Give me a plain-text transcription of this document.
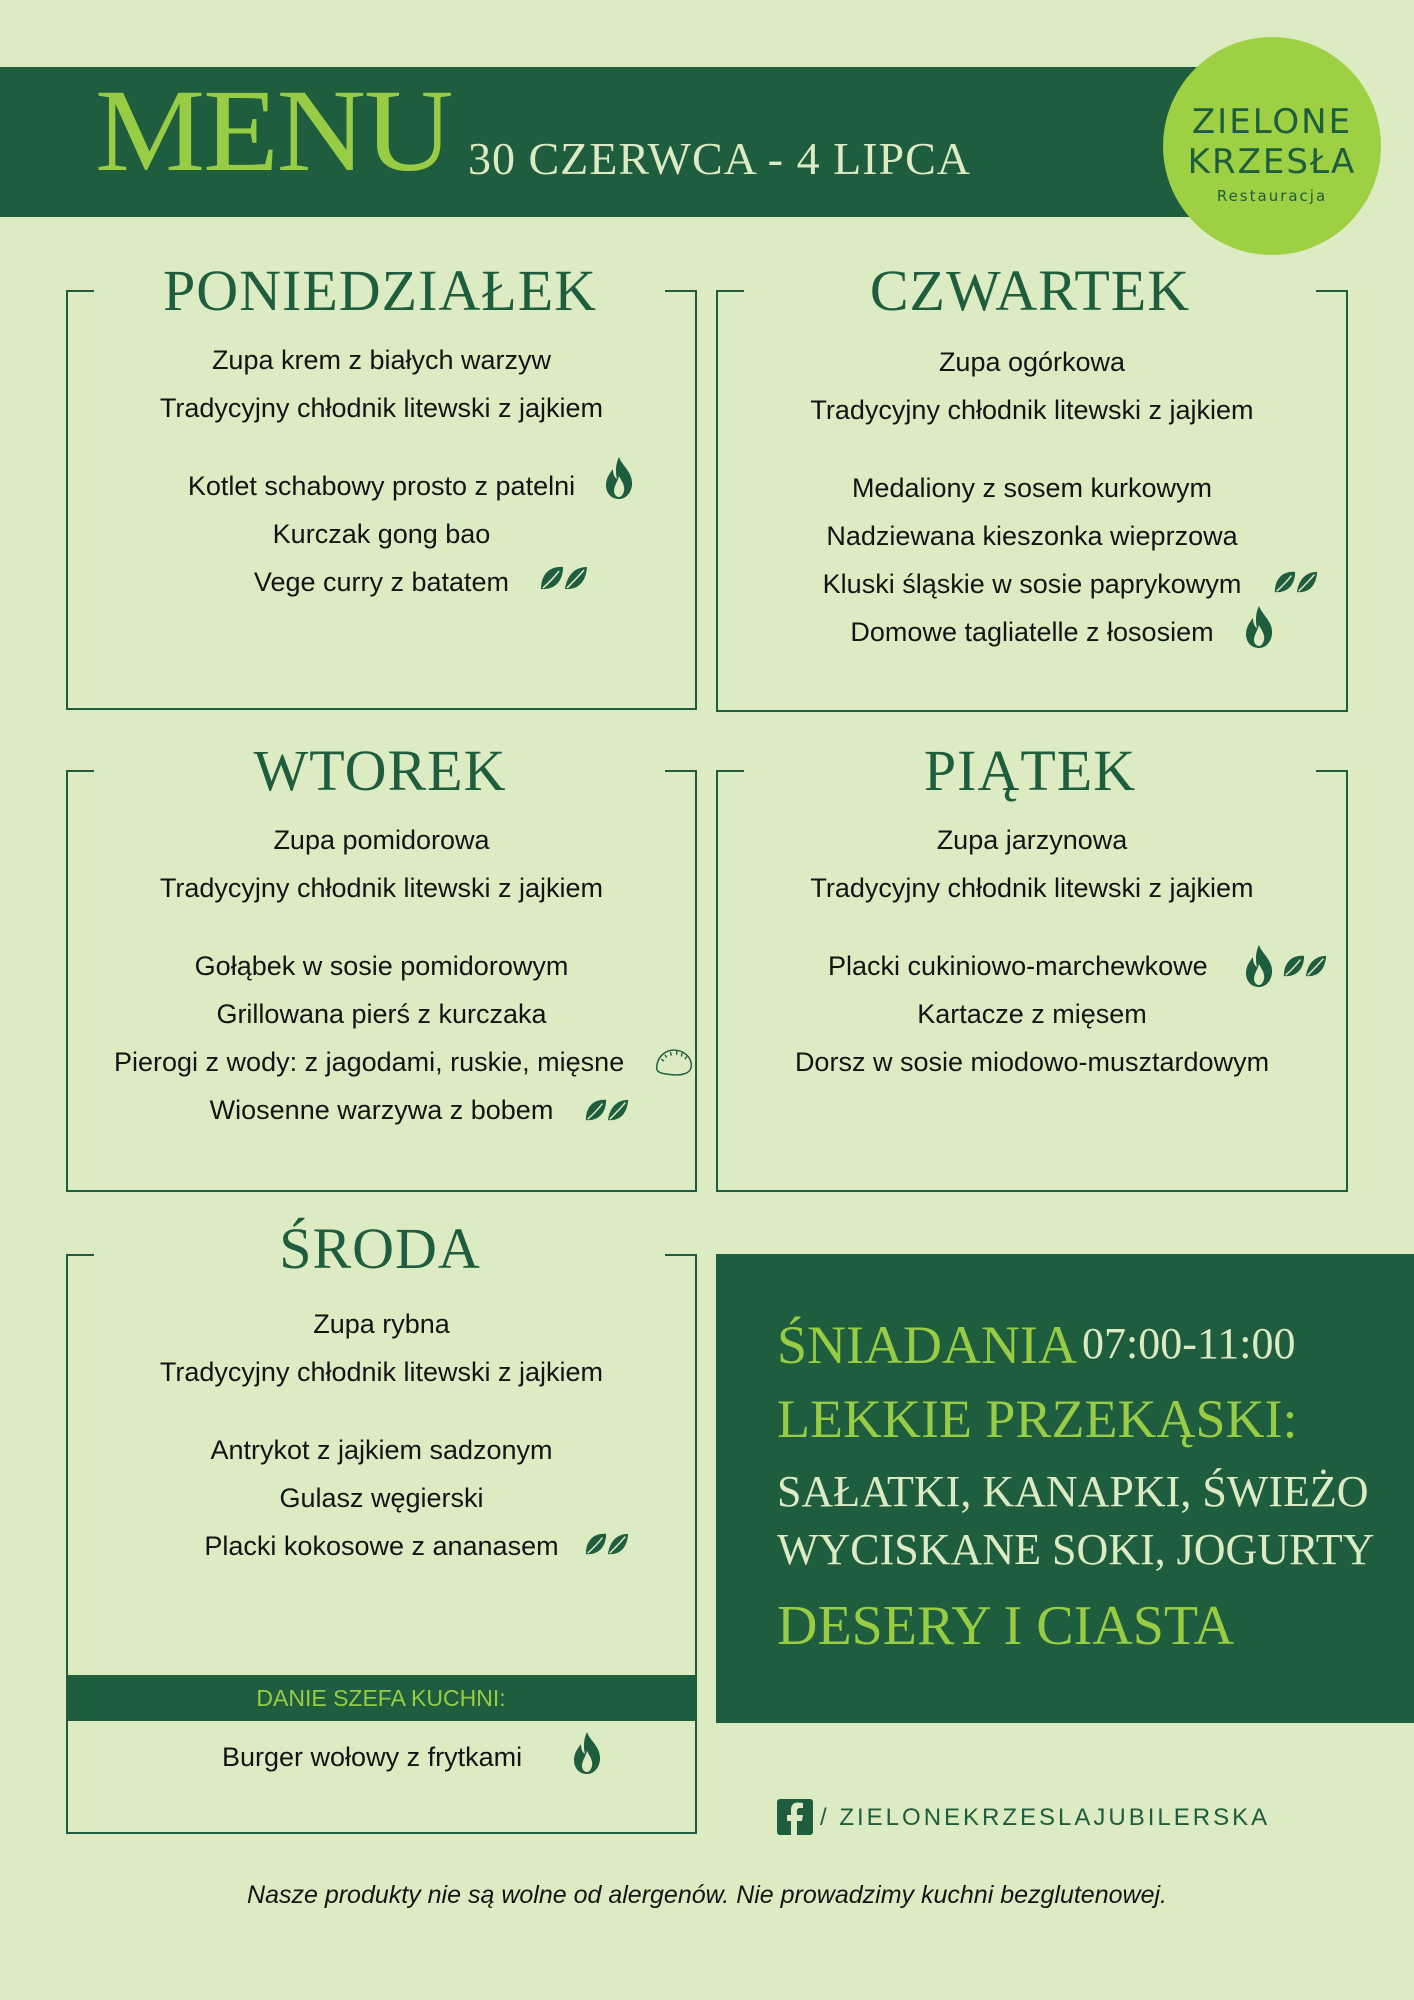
MENU 30 CZERWCA - 4 LIPCA
ZIELONE
KRZESŁA
Restauracja
PONIEDZIAŁEK
Zupa krem z białych warzyw
Tradycyjny chłodnik litewski z jajkiem
Kotlet schabowy prosto z patelni
Kurczak gong bao
Vege curry z batatem
CZWARTEK
Zupa ogórkowa
Tradycyjny chłodnik litewski z jajkiem
Medaliony z sosem kurkowym
Nadziewana kieszonka wieprzowa
Kluski śląskie w sosie paprykowym
Domowe tagliatelle z łososiem
WTOREK
Zupa pomidorowa
Tradycyjny chłodnik litewski z jajkiem
Gołąbek w sosie pomidorowym
Grillowana pierś z kurczaka
Pierogi z wody: z jagodami, ruskie, mięsne
Wiosenne warzywa z bobem
PIĄTEK
Zupa jarzynowa
Tradycyjny chłodnik litewski z jajkiem
Placki cukiniowo-marchewkowe
Kartacze z mięsem
Dorsz w sosie miodowo-musztardowym
ŚRODA
Zupa rybna
Tradycyjny chłodnik litewski z jajkiem
Antrykot z jajkiem sadzonym
Gulasz węgierski
Placki kokosowe z ananasem
DANIE SZEFA KUCHNI:
Burger wołowy z frytkami
ŚNIADANIA 07:00-11:00
LEKKIE PRZEKĄSKI:
SAŁATKI, KANAPKI, ŚWIEŻO
WYCISKANE SOKI, JOGURTY
DESERY I CIASTA
/ ZIELONEKRZESLAJUBILERSKA
Nasze produkty nie są wolne od alergenów. Nie prowadzimy kuchni bezglutenowej.
